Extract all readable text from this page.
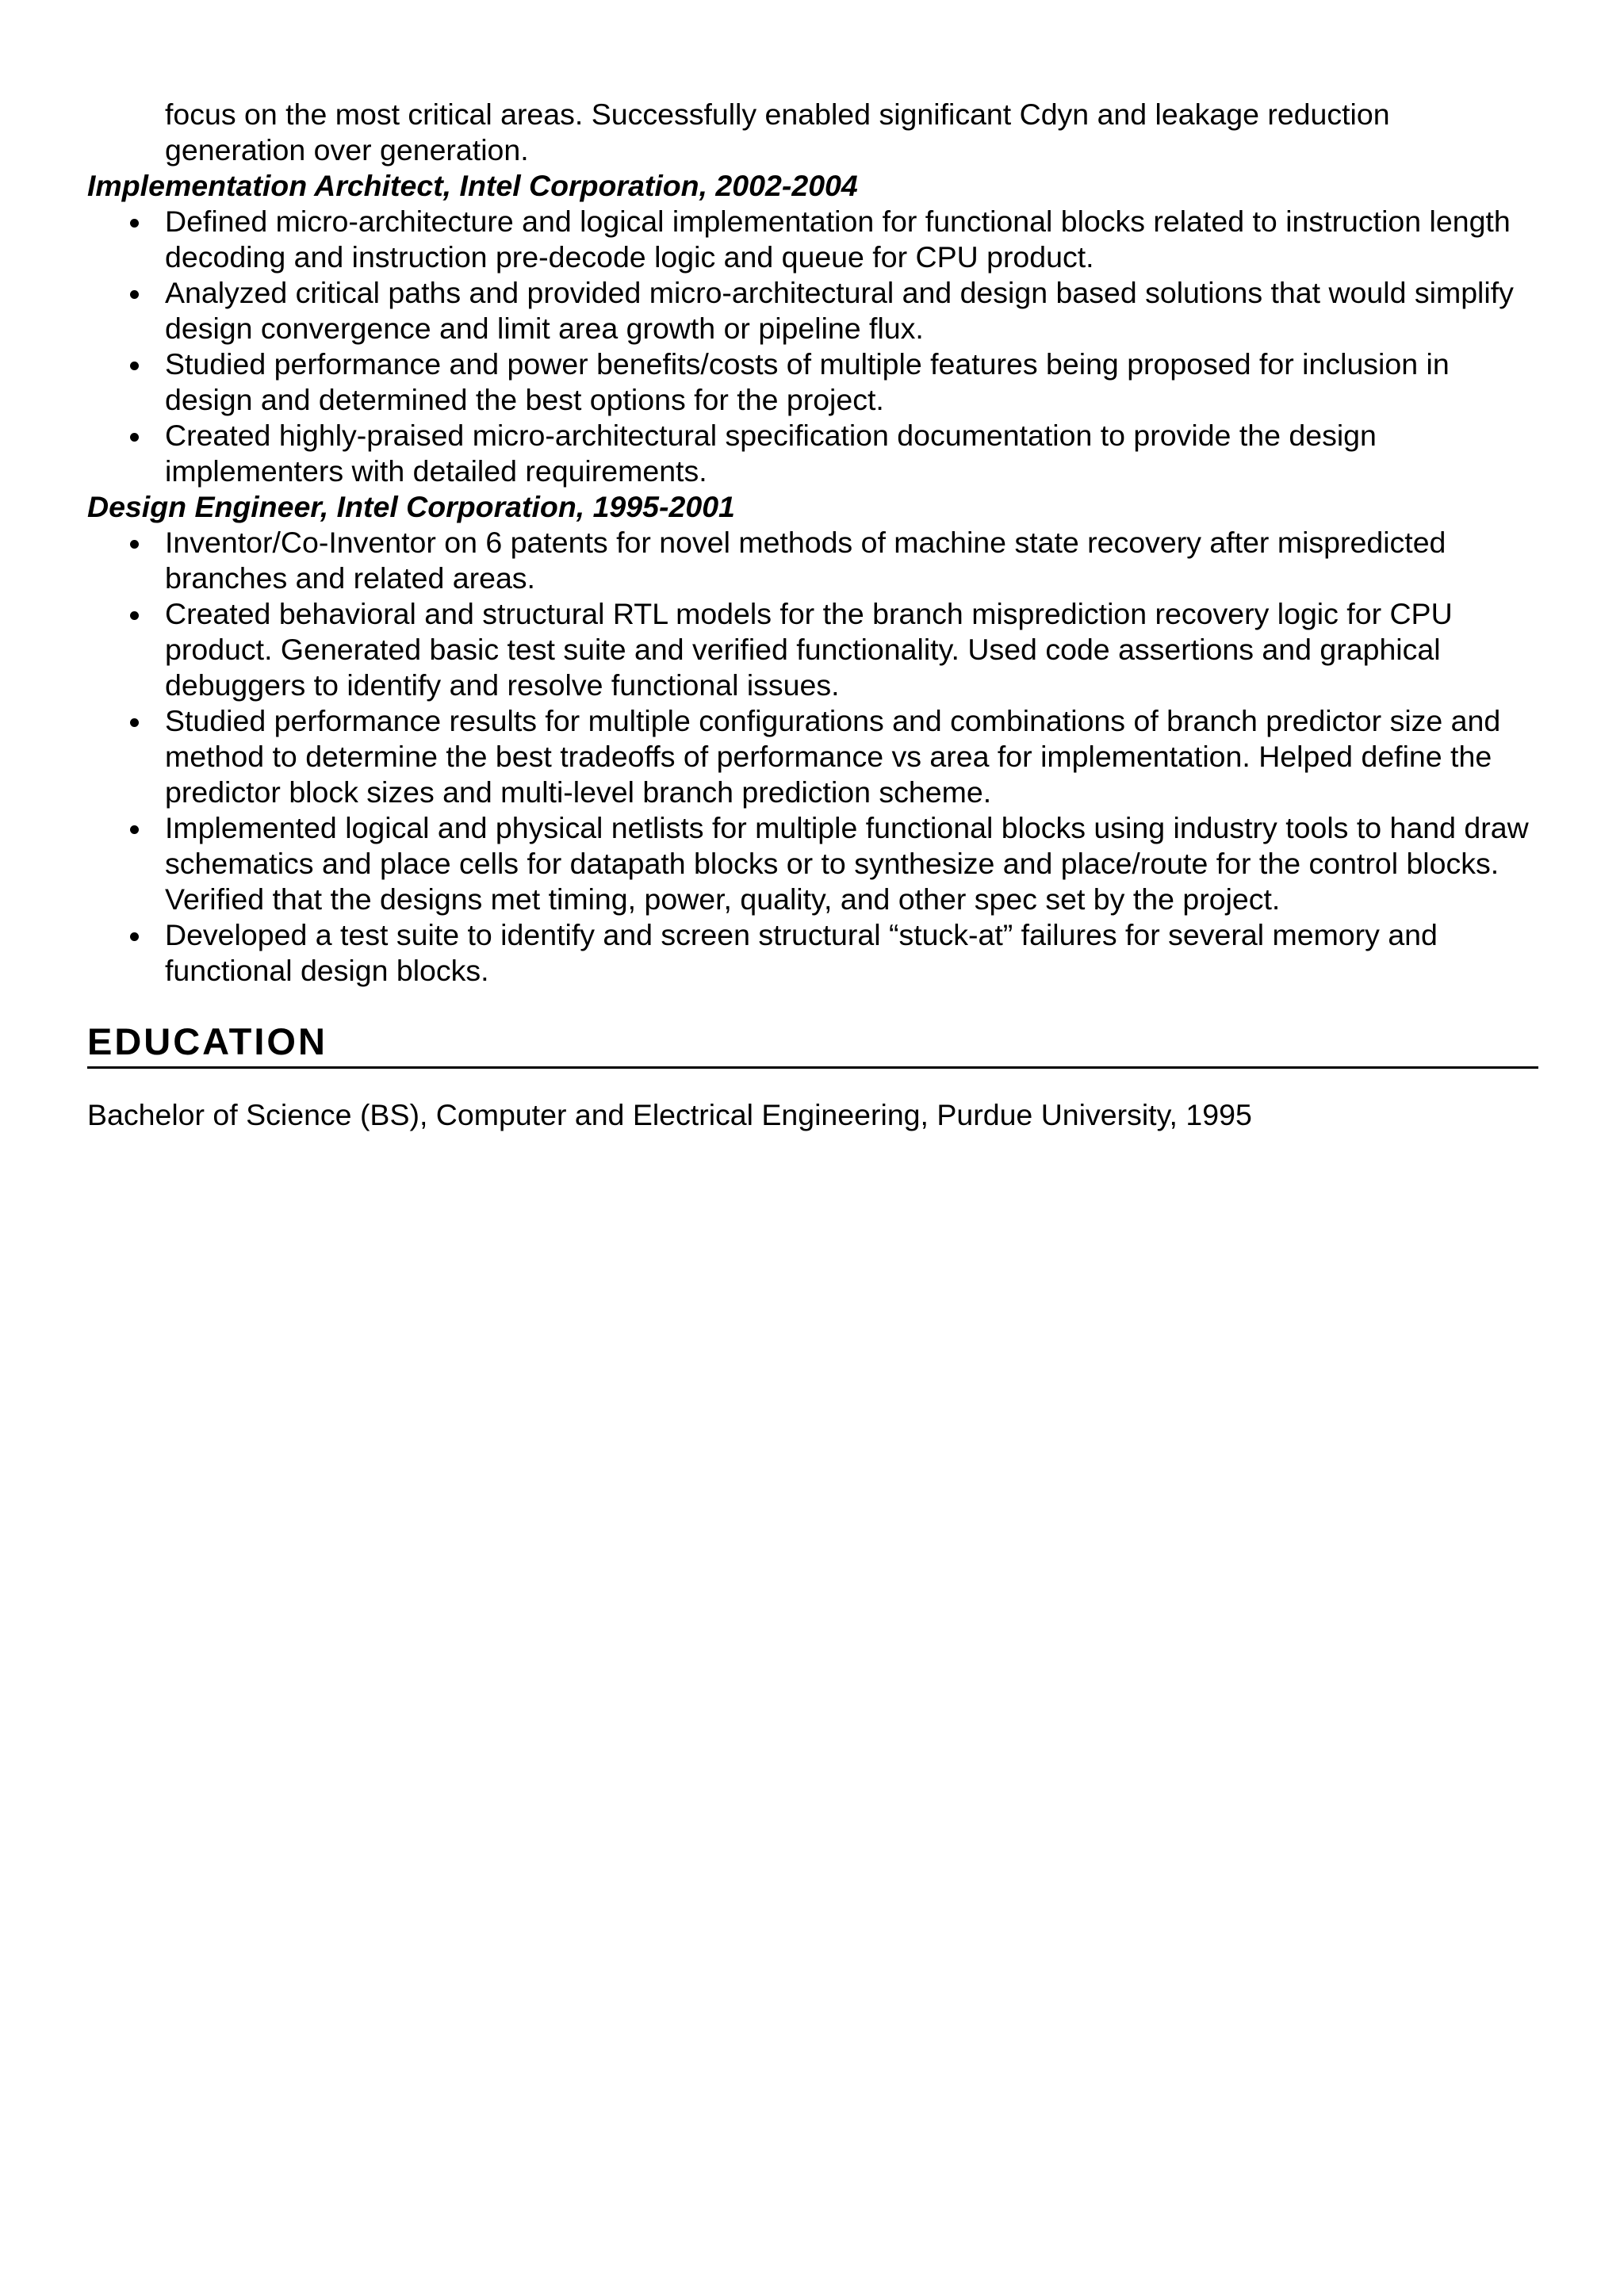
focus on the most critical areas. Successfully enabled significant Cdyn and leakage reduction generation over generation.
Implementation Architect, Intel Corporation, 2002-2004
Defined micro-architecture and logical implementation for functional blocks related to instruction length decoding and instruction pre-decode logic and queue for CPU product.
Analyzed critical paths and provided micro-architectural and design based solutions that would simplify design convergence and limit area growth or pipeline flux.
Studied performance and power benefits/costs of multiple features being proposed for inclusion in design and determined the best options for the project.
Created highly-praised micro-architectural specification documentation to provide the design implementers with detailed requirements.
Design Engineer, Intel Corporation, 1995-2001
Inventor/Co-Inventor on 6 patents for novel methods of machine state recovery after mispredicted branches and related areas.
Created behavioral and structural RTL models for the branch misprediction recovery logic for CPU product. Generated basic test suite and verified functionality. Used code assertions and graphical debuggers to identify and resolve functional issues.
Studied performance results for multiple configurations and combinations of branch predictor size and method to determine the best tradeoffs of performance vs area for implementation. Helped define the predictor block sizes and multi-level branch prediction scheme.
Implemented logical and physical netlists for multiple functional blocks using industry tools to hand draw schematics and place cells for datapath blocks or to synthesize and place/route for the control blocks. Verified that the designs met timing, power, quality, and other spec set by the project.
Developed a test suite to identify and screen structural “stuck-at” failures for several memory and functional design blocks.
EDUCATION
Bachelor of Science (BS), Computer and Electrical Engineering, Purdue University, 1995
